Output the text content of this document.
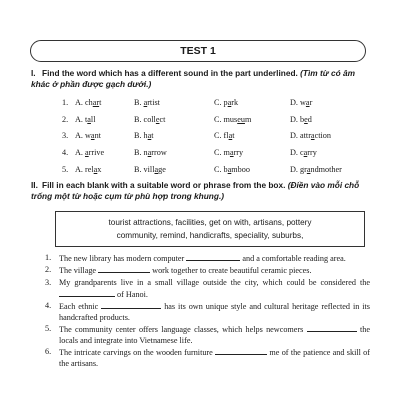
TEST 1
I. Find the word which has a different sound in the part underlined. (Tìm từ có âm khác ở phần được gạch dưới.)
1. A. chart	B. artist	C. park	D. war
2. A. tall	B. collect	C. museum	D. bed
3. A. want	B. hat	C. flat	D. attraction
4. A. arrive	B. narrow	C. marry	D. carry
5. A. relax	B. village	C. bamboo	D. grandmother
II. Fill in each blank with a suitable word or phrase from the box. (Điền vào mỗi chỗ trống một từ hoặc cụm từ phù hợp trong khung.)
tourist attractions, facilities, get on with, artisans, pottery
community, remind, handicrafts, speciality, suburbs,
1. The new library has modern computer	and a comfortable reading area.
2. The village	work together to create beautiful ceramic pieces.
3. My grandparents live in a small village outside the city, which could be considered the  of Hanoi.
4. Each ethnic	has its own unique style and cultural heritage reflected in its handcrafted products.
5. The community center offers language classes, which helps newcomers	the locals and integrate into Vietnamese life.
6. The intricate carvings on the wooden furniture	me of the patience and skill of the artisans.
